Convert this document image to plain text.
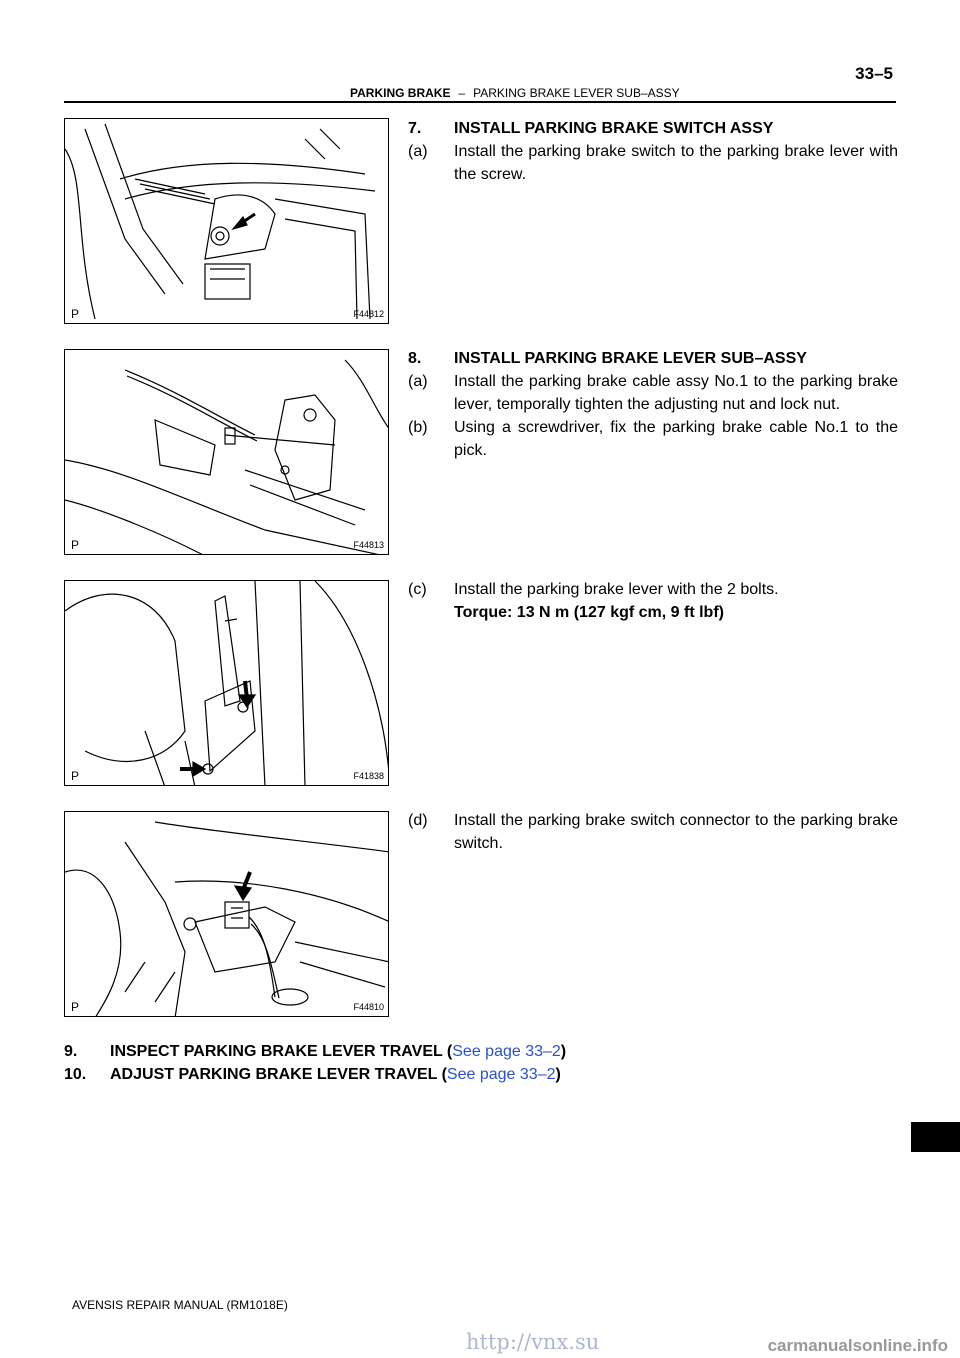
33–5
PARKING BRAKE – PARKING BRAKE LEVER SUB–ASSY
P	F44812
P	F44813
P	F41838
P	F44810
7.	INSTALL PARKING BRAKE SWITCH ASSY
(a)	Install the parking brake switch to the parking brake lever with the screw.
8.	INSTALL PARKING BRAKE LEVER SUB–ASSY
(a)	Install the parking brake cable assy No.1 to the parking brake lever, temporally tighten the adjusting nut and lock nut.
(b)	Using a screwdriver, fix the parking brake cable No.1 to the pick.
(c)	Install the parking brake lever with the 2 bolts.
Torque: 13 N m (127 kgf cm, 9 ft lbf)
(d)	Install the parking brake switch connector to the parking brake switch.
9.	INSPECT PARKING BRAKE LEVER TRAVEL (See page 33–2)
10.	ADJUST PARKING BRAKE LEVER TRAVEL (See page 33–2)
AVENSIS REPAIR MANUAL (RM1018E)
http://vnx.su	carmanualsonline.info
